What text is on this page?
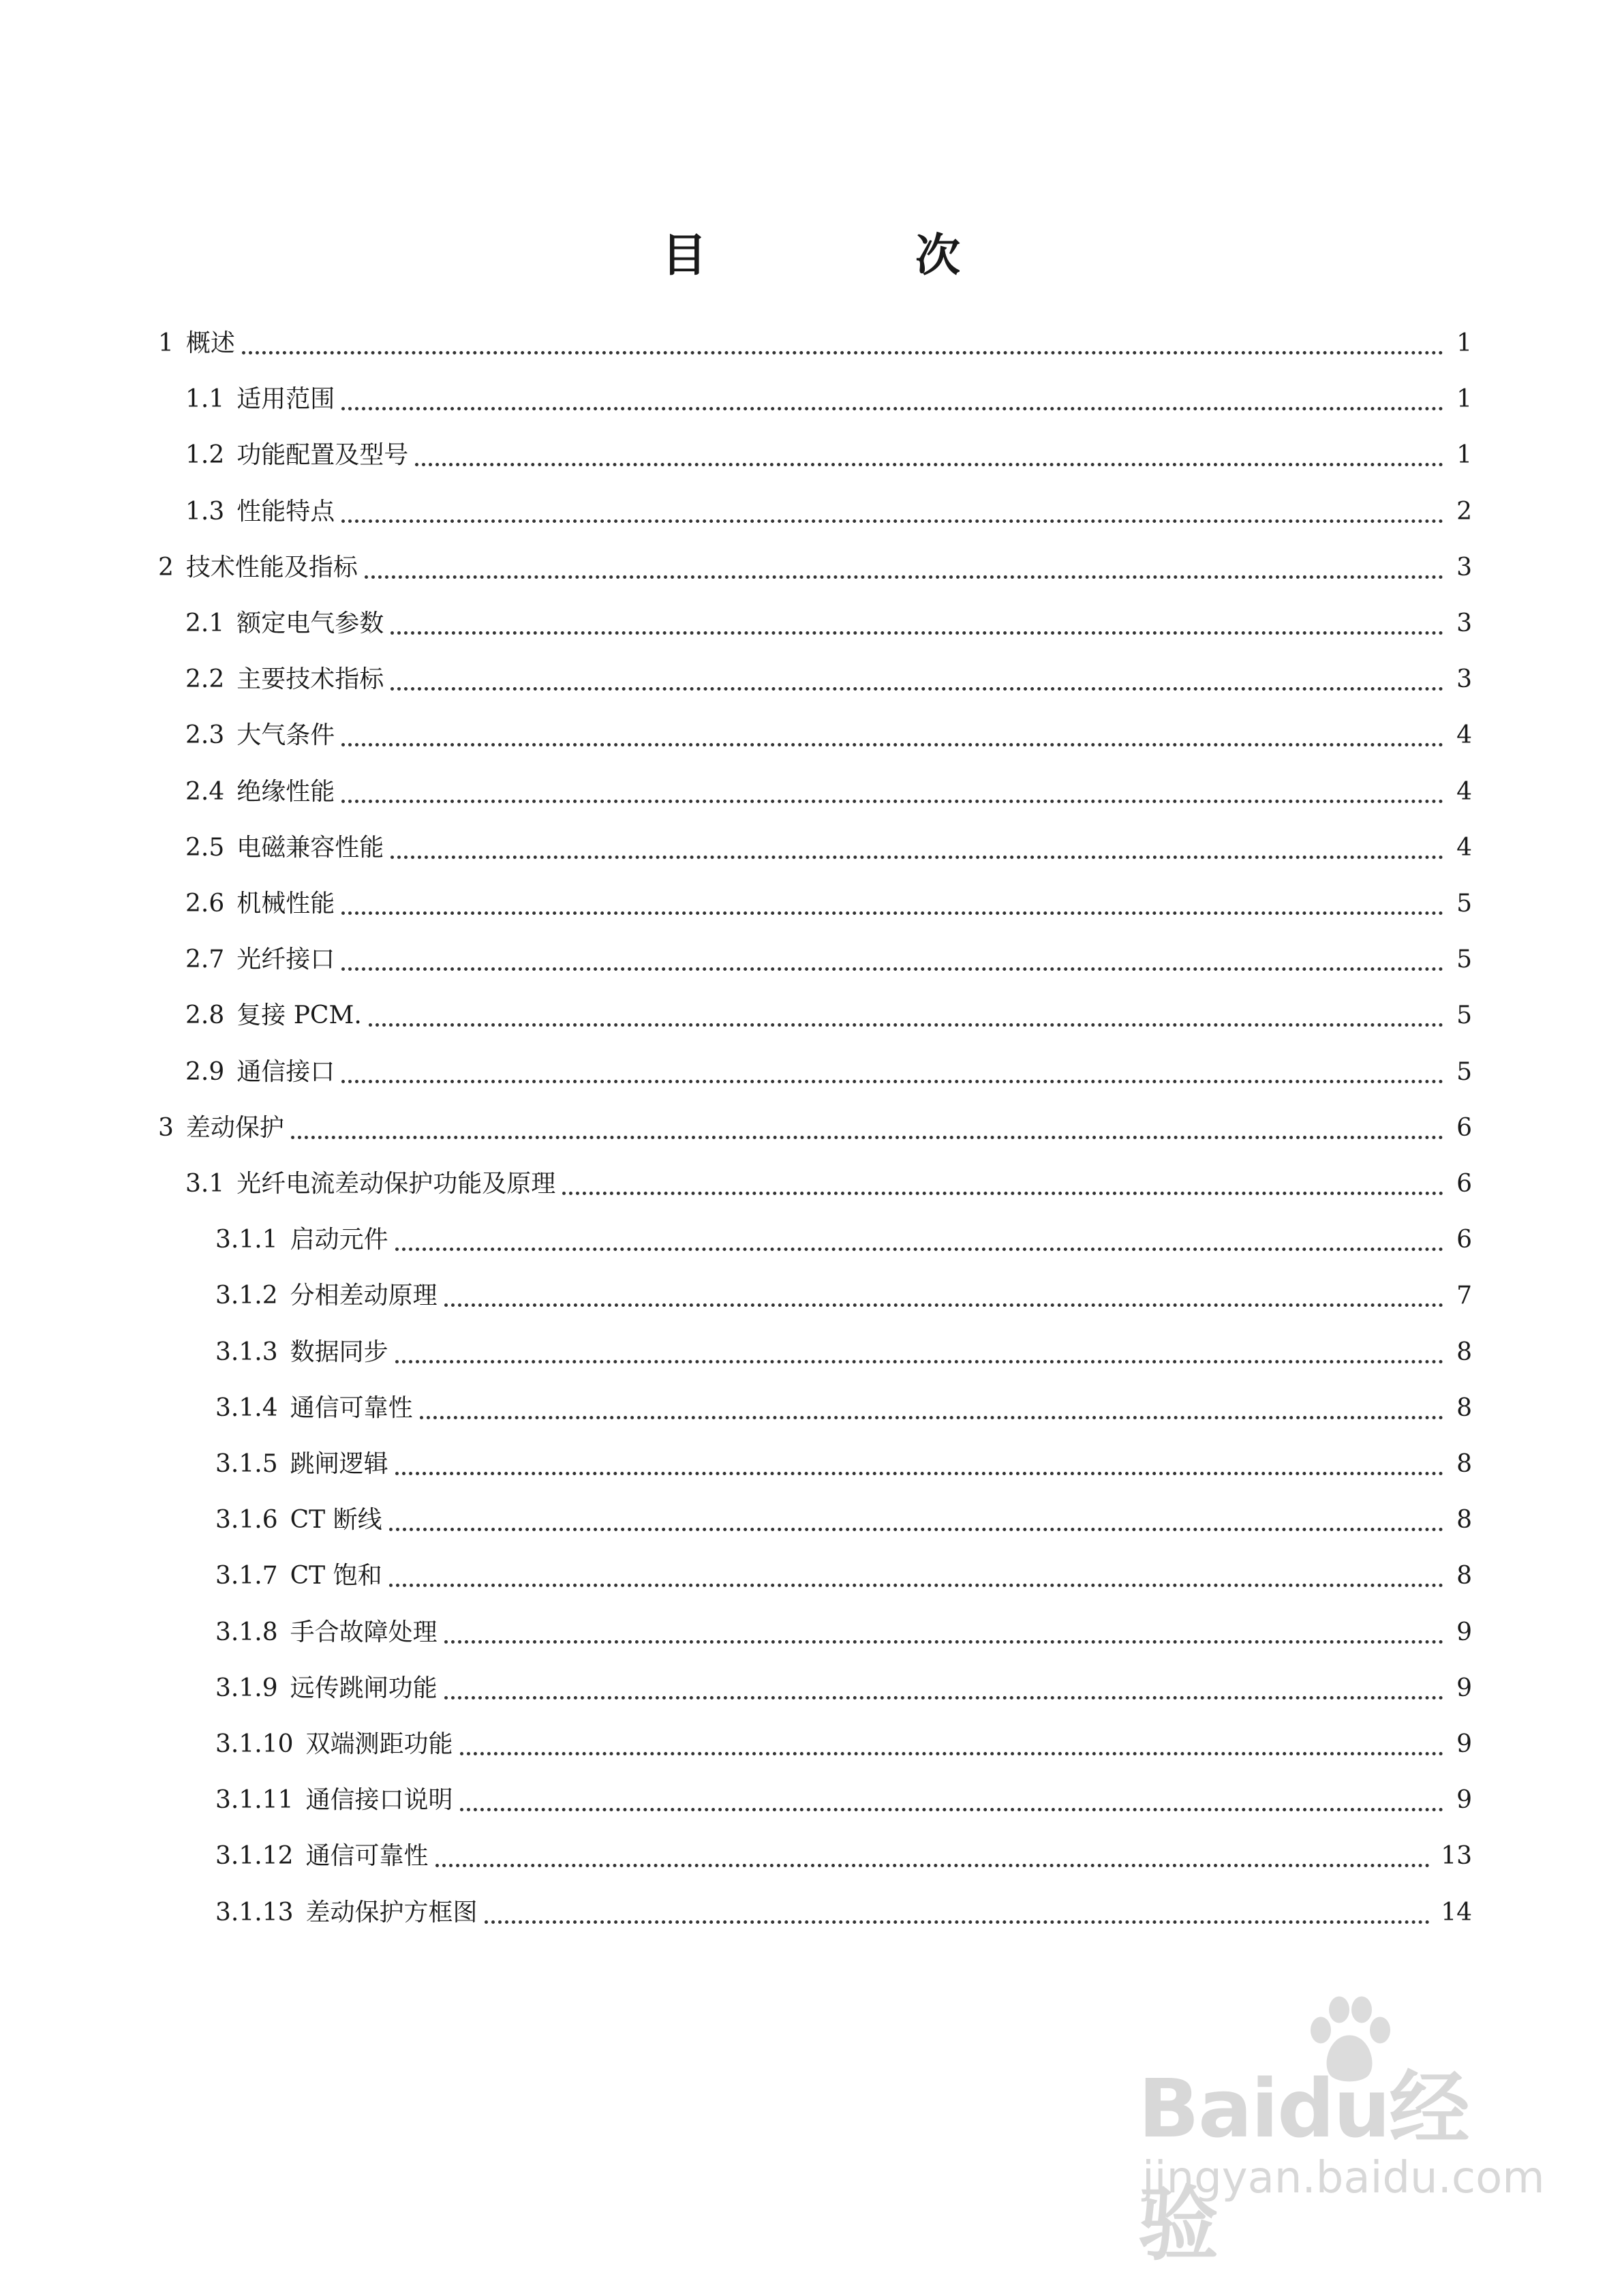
目　次
1 概述	1
1.1 适用范围	1
1.2 功能配置及型号	1
1.3 性能特点	2
2 技术性能及指标	3
2.1 额定电气参数	3
2.2 主要技术指标	3
2.3 大气条件	4
2.4 绝缘性能	4
2.5 电磁兼容性能	4
2.6 机械性能	5
2.7 光纤接口	5
2.8 复接 PCM.	5
2.9 通信接口	5
3 差动保护	6
3.1 光纤电流差动保护功能及原理	6
3.1.1 启动元件	6
3.1.2 分相差动原理	7
3.1.3 数据同步	8
3.1.4 通信可靠性	8
3.1.5 跳闸逻辑	8
3.1.6 CT 断线	8
3.1.7 CT 饱和	8
3.1.8 手合故障处理	9
3.1.9 远传跳闸功能	9
3.1.10 双端测距功能	9
3.1.11 通信接口说明	9
3.1.12 通信可靠性	13
3.1.13 差动保护方框图	14
Baidu经验
jingyan.baidu.com
